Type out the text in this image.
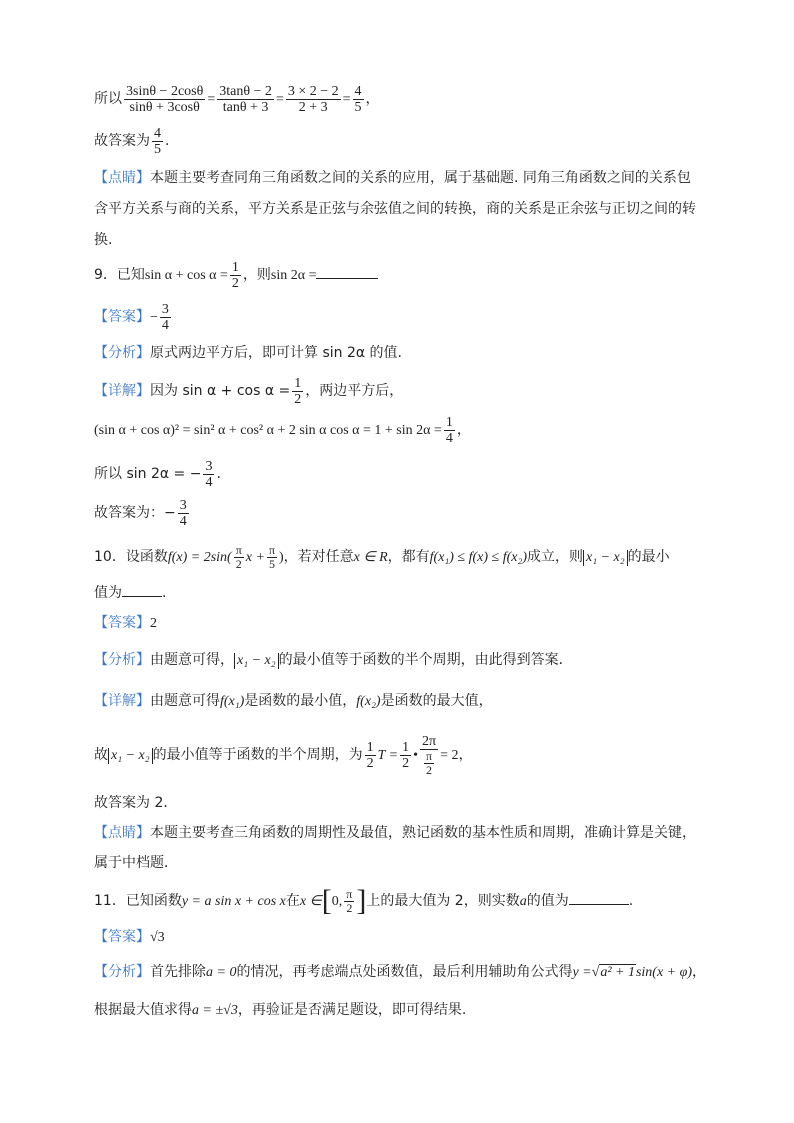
所以 $\frac{3\sin\theta - 2\cos\theta}{\sin\theta + 3\cos\theta} = \frac{3\tan\theta - 2}{\tan\theta + 3} = \frac{3 \times 2 - 2}{2 + 3} = \frac{4}{5}$ ，
故答案为 $\frac{4}{5}$ .
【点睛】本题主要考查同角三角函数之间的关系的应用，属于基础题. 同角三角函数之间的关系包
含平方关系与商的关系，平方关系是正弦与余弦值之间的转换，商的关系是正余弦与正切之间的转
换.
9．已知$\sin \alpha + \cos \alpha = \frac{1}{2}$ ，则sin 2α =
【答案】− $\frac{3}{4}$
【分析】原式两边平方后，即可计算 sin 2α 的值.
【详解】因为 $\sin \alpha + \cos \alpha = \frac{1}{2}$ ，两边平方后，
(sin α + cos α)² = sin² α + cos² α + 2 sin α $\cos \alpha = 1 + \sin 2\alpha = \frac{1}{4}$ ，
所以 sin 2α = − $\frac{3}{4}$ .
故答案为：− $\frac{3}{4}$
10．设函数$f(x) = 2\sin( \frac{\pi}{2}$ $x + \frac{\pi}{5}$ )，若对任意x ∈ R，都有f(x₁) ≤ f(x) ≤ f(x₂)成立，则 x₁ − x₂ 的最小
值为	.
【答案】2
【分析】由题意可得， x₁ − x₂ 的最小值等于函数的半个周期，由此得到答案．
【详解】由题意可得f(x₁)是函数的最小值，f(x₂)是函数的最大值，
故 x₁ − x₂ 的最小值等于函数的半个周期，为 $\frac{1}{2}$ $T = \frac{1}{2}$ • $\frac{2\pi}{\frac{\pi}{2}} = 2$，
故答案为 2．
【点睛】本题主要考查三角函数的周期性及最值，熟记函数的基本性质和周期，准确计算是关键，
属于中档题．
11．已知函数y = a sin x + cos x在x ∈[0, $\frac{\pi}{2}$ ]上的最大值为 2，则实数a的值为	.
【答案】√3
【分析】首先排除a = 0的情况，再考虑端点处函数值，最后利用辅助角公式得y =√a² + 1sin(x + φ)，
根据最大值求得a = ±√3，再验证是否满足题设，即可得结果.
